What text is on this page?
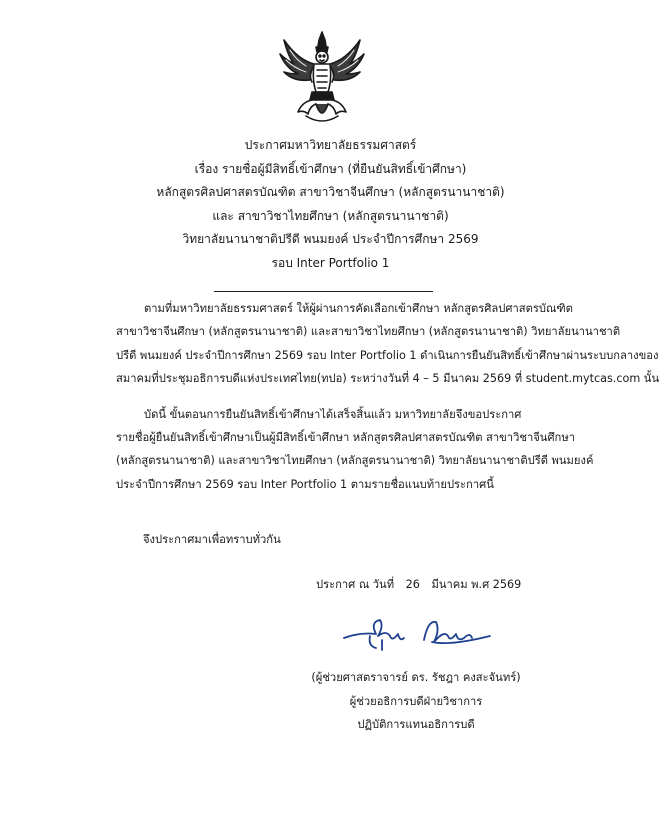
ประกาศมหาวิทยาลัยธรรมศาสตร์
เรื่อง รายชื่อผู้มีสิทธิ์เข้าศึกษา (ที่ยืนยันสิทธิ์เข้าศึกษา)
หลักสูตรศิลปศาสตรบัณฑิต สาขาวิชาจีนศึกษา (หลักสูตรนานาชาติ)
และ สาขาวิชาไทยศึกษา (หลักสูตรนานาชาติ)
วิทยาลัยนานาชาติปรีดี พนมยงค์ ประจำปีการศึกษา 2569
รอบ Inter Portfolio 1

ตามที่มหาวิทยาลัยธรรมศาสตร์ ให้ผู้ผ่านการคัดเลือกเข้าศึกษา หลักสูตรศิลปศาสตรบัณฑิต
สาขาวิชาจีนศึกษา (หลักสูตรนานาชาติ) และสาขาวิชาไทยศึกษา (หลักสูตรนานาชาติ) วิทยาลัยนานาชาติ
ปรีดี พนมยงค์ ประจำปีการศึกษา 2569 รอบ Inter Portfolio 1 ดำเนินการยืนยันสิทธิ์เข้าศึกษาผ่านระบบกลางของ
สมาคมที่ประชุมอธิการบดีแห่งประเทศไทย(ทปอ) ระหว่างวันที่ 4 – 5 มีนาคม 2569 ที่ student.mytcas.com นั้น

บัดนี้ ขั้นตอนการยืนยันสิทธิ์เข้าศึกษาได้เสร็จสิ้นแล้ว มหาวิทยาลัยจึงขอประกาศ
รายชื่อผู้ยืนยันสิทธิ์เข้าศึกษาเป็นผู้มีสิทธิ์เข้าศึกษา หลักสูตรศิลปศาสตรบัณฑิต สาขาวิชาจีนศึกษา
(หลักสูตรนานาชาติ) และสาขาวิชาไทยศึกษา (หลักสูตรนานาชาติ) วิทยาลัยนานาชาติปรีดี พนมยงค์
ประจำปีการศึกษา 2569 รอบ Inter Portfolio 1 ตามรายชื่อแนบท้ายประกาศนี้

จึงประกาศมาเพื่อทราบทั่วกัน
ประกาศ ณ วันที่ 26 มีนาคม พ.ศ 2569
(ผู้ช่วยศาสตราจารย์ ดร. รัชฎา คงสะจันทร์)
ผู้ช่วยอธิการบดีฝ่ายวิชาการ
ปฏิบัติการแทนอธิการบดี
